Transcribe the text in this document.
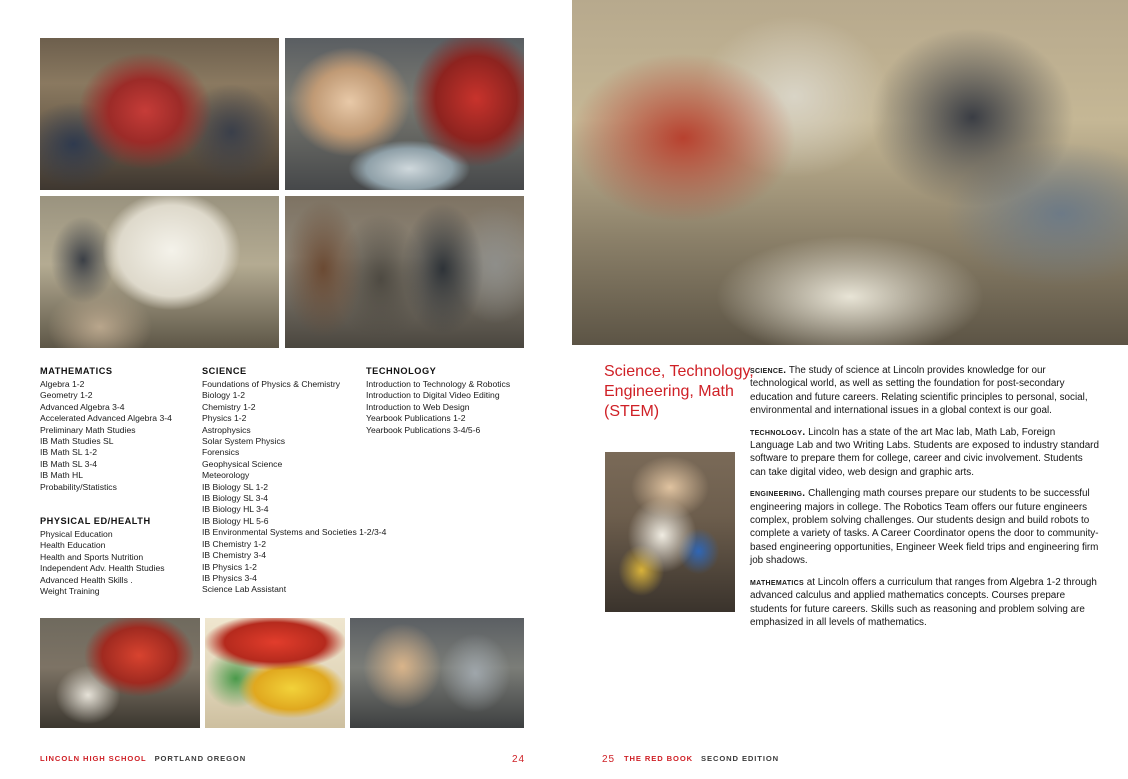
MATHEMATICS
Algebra 1-2
Geometry 1-2
Advanced Algebra 3-4
Accelerated Advanced Algebra 3-4
Preliminary Math Studies
IB Math Studies SL
IB Math SL 1-2
IB Math SL 3-4
IB Math HL
Probability/Statistics
PHYSICAL ED/HEALTH
Physical Education
Health Education
Health and Sports Nutrition
Independent Adv. Health Studies
Advanced Health Skills .
Weight Training
SCIENCE
Foundations of Physics & Chemistry
Biology 1-2
Chemistry 1-2
Physics 1-2
Astrophysics
Solar System Physics
Forensics
Geophysical Science
Meteorology
IB Biology SL 1-2
IB Biology SL 3-4
IB Biology HL 3-4
IB Biology HL 5-6
IB Environmental Systems and Societies 1-2/3-4
IB Chemistry 1-2
IB Chemistry 3-4
IB Physics 1-2
IB Physics 3-4
Science Lab Assistant
TECHNOLOGY
Introduction to Technology & Robotics
Introduction to Digital Video Editing
Introduction to Web Design
Yearbook Publications 1-2
Yearbook Publications 3-4/5-6
LINCOLN HIGH SCHOOL PORTLAND OREGON	24
Science, Technology, Engineering, Math (STEM)

science. The study of science at Lincoln provides knowledge for our technological world, as well as setting the foundation for post-secondary education and future careers. Relating scientific principles to personal, social, environmental and international issues in a global context is our goal.

technology. Lincoln has a state of the art Mac lab, Math Lab, Foreign Language Lab and two Writing Labs. Students are exposed to industry standard software to prepare them for college, career and civic involvement. Students can take digital video, web design and graphic arts.

engineering. Challenging math courses prepare our students to be successful engineering majors in college. The Robotics Team offers our future engineers complex, problem solving challenges. Our students design and build robots to complete a variety of tasks. A Career Coordinator opens the door to community-based engineering opportunities, Engineer Week field trips and engineering firm job shadows.

mathematics at Lincoln offers a curriculum that ranges from Algebra 1-2 through advanced calculus and applied mathematics concepts. Courses prepare students for future careers. Skills such as reasoning and problem solving are emphasized in all levels of mathematics.

25 THE RED BOOK SECOND EDITION
